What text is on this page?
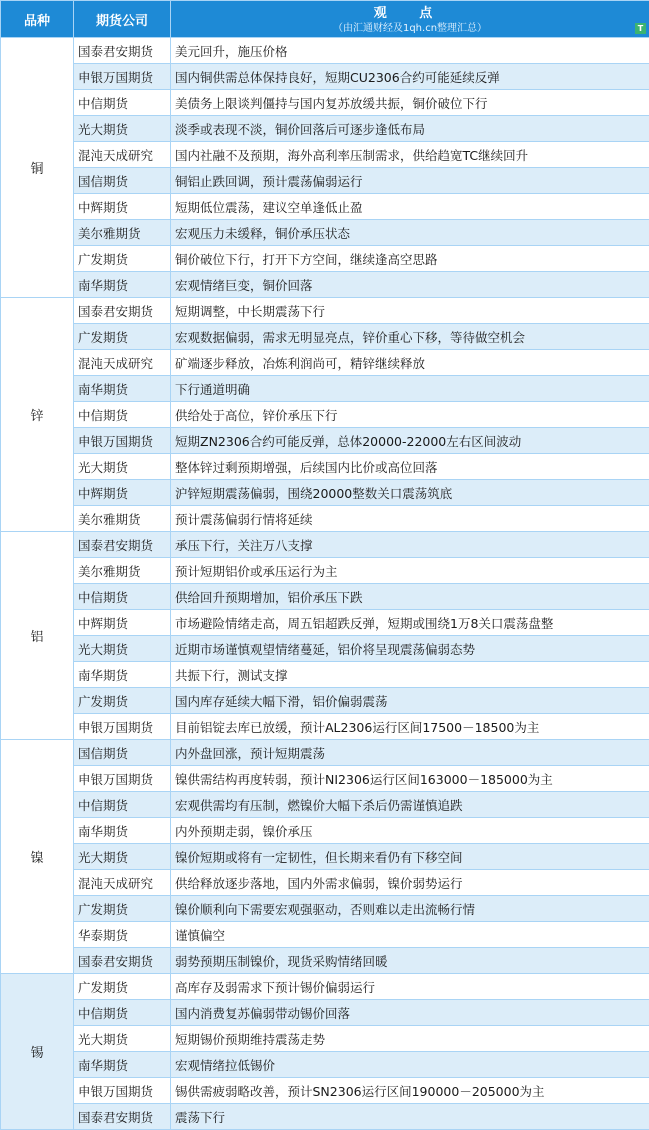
品种	期货公司	观 点
（由汇通财经及1qh.cn整理汇总） T

铜	国泰君安期货	美元回升，施压价格
	申银万国期货	国内铜供需总体保持良好，短期CU2306合约可能延续反弹
	中信期货	美债务上限谈判僵持与国内复苏放缓共振，铜价破位下行
	光大期货	淡季或表现不淡，铜价回落后可逐步逢低布局
	混沌天成研究	国内社融不及预期，海外高利率压制需求，供给趋宽TC继续回升
	国信期货	铜铝止跌回调，预计震荡偏弱运行
	中辉期货	短期低位震荡，建议空单逢低止盈
	美尔雅期货	宏观压力未缓释，铜价承压状态
	广发期货	铜价破位下行，打开下方空间，继续逢高空思路
	南华期货	宏观情绪巨变，铜价回落
锌	国泰君安期货	短期调整，中长期震荡下行
	广发期货	宏观数据偏弱，需求无明显亮点，锌价重心下移，等待做空机会
	混沌天成研究	矿端逐步释放，冶炼利润尚可，精锌继续释放
	南华期货	下行通道明确
	中信期货	供给处于高位，锌价承压下行
	申银万国期货	短期ZN2306合约可能反弹，总体20000-22000左右区间波动
	光大期货	整体锌过剩预期增强，后续国内比价或高位回落
	中辉期货	沪锌短期震荡偏弱，围绕20000整数关口震荡筑底
	美尔雅期货	预计震荡偏弱行情将延续
铝	国泰君安期货	承压下行，关注万八支撑
	美尔雅期货	预计短期铝价或承压运行为主
	中信期货	供给回升预期增加，铝价承压下跌
	中辉期货	市场避险情绪走高，周五铝超跌反弹，短期或围绕1万8关口震荡盘整
	光大期货	近期市场谨慎观望情绪蔓延，铝价将呈现震荡偏弱态势
	南华期货	共振下行，测试支撑
	广发期货	国内库存延续大幅下滑，铝价偏弱震荡
	申银万国期货	目前铝锭去库已放缓，预计AL2306运行区间17500－18500为主
镍	国信期货	内外盘回涨，预计短期震荡
	申银万国期货	镍供需结构再度转弱，预计NI2306运行区间163000－185000为主
	中信期货	宏观供需均有压制，燃镍价大幅下杀后仍需谨慎追跌
	南华期货	内外预期走弱，镍价承压
	光大期货	镍价短期或将有一定韧性，但长期来看仍有下移空间
	混沌天成研究	供给释放逐步落地，国内外需求偏弱，镍价弱势运行
	广发期货	镍价顺利向下需要宏观强驱动，否则难以走出流畅行情
	华泰期货	谨慎偏空
	国泰君安期货	弱势预期压制镍价，现货采购情绪回暖
锡	广发期货	高库存及弱需求下预计锡价偏弱运行
	中信期货	国内消费复苏偏弱带动锡价回落
	光大期货	短期锡价预期维持震荡走势
	南华期货	宏观情绪拉低锡价
	申银万国期货	锡供需疲弱略改善，预计SN2306运行区间190000－205000为主
	国泰君安期货	震荡下行
